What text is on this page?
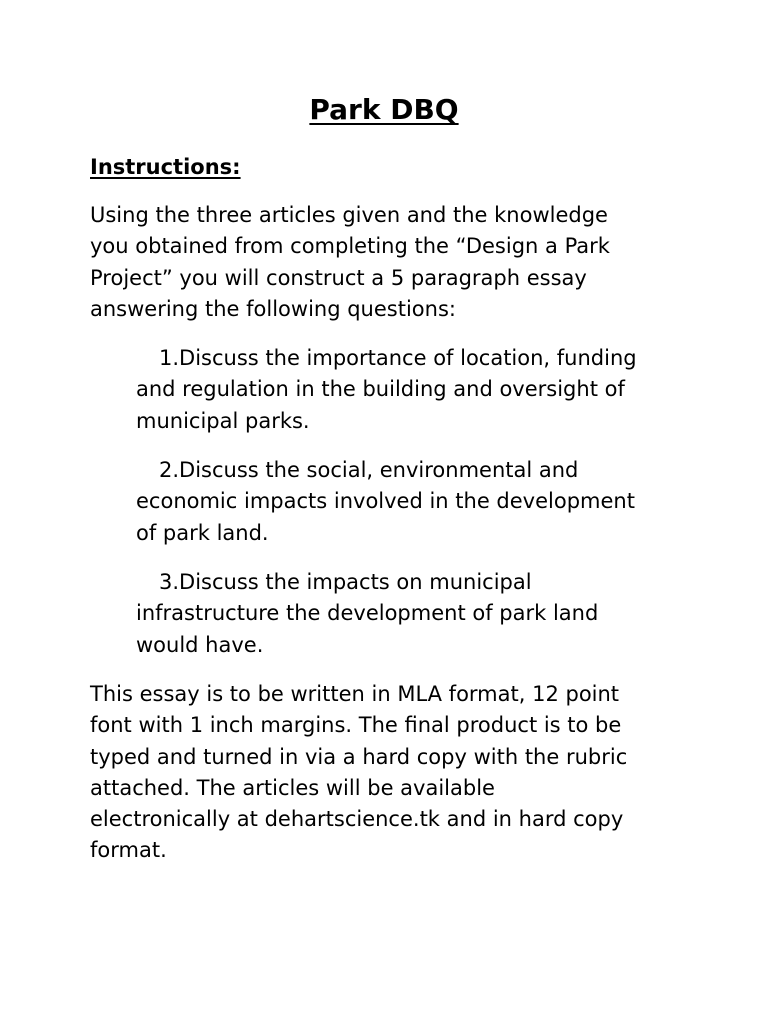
Park DBQ
Instructions:
Using the three articles given and the knowledge
you obtained from completing the “Design a Park
Project” you will construct a 5 paragraph essay
answering the following questions:
1.Discuss the importance of location, funding
and regulation in the building and oversight of
municipal parks.
2.Discuss the social, environmental and
economic impacts involved in the development
of park land.
3.Discuss the impacts on municipal
infrastructure the development of park land
would have.
This essay is to be written in MLA format, 12 point
font with 1 inch margins. The final product is to be
typed and turned in via a hard copy with the rubric
attached. The articles will be available
electronically at dehartscience.tk and in hard copy
format.
